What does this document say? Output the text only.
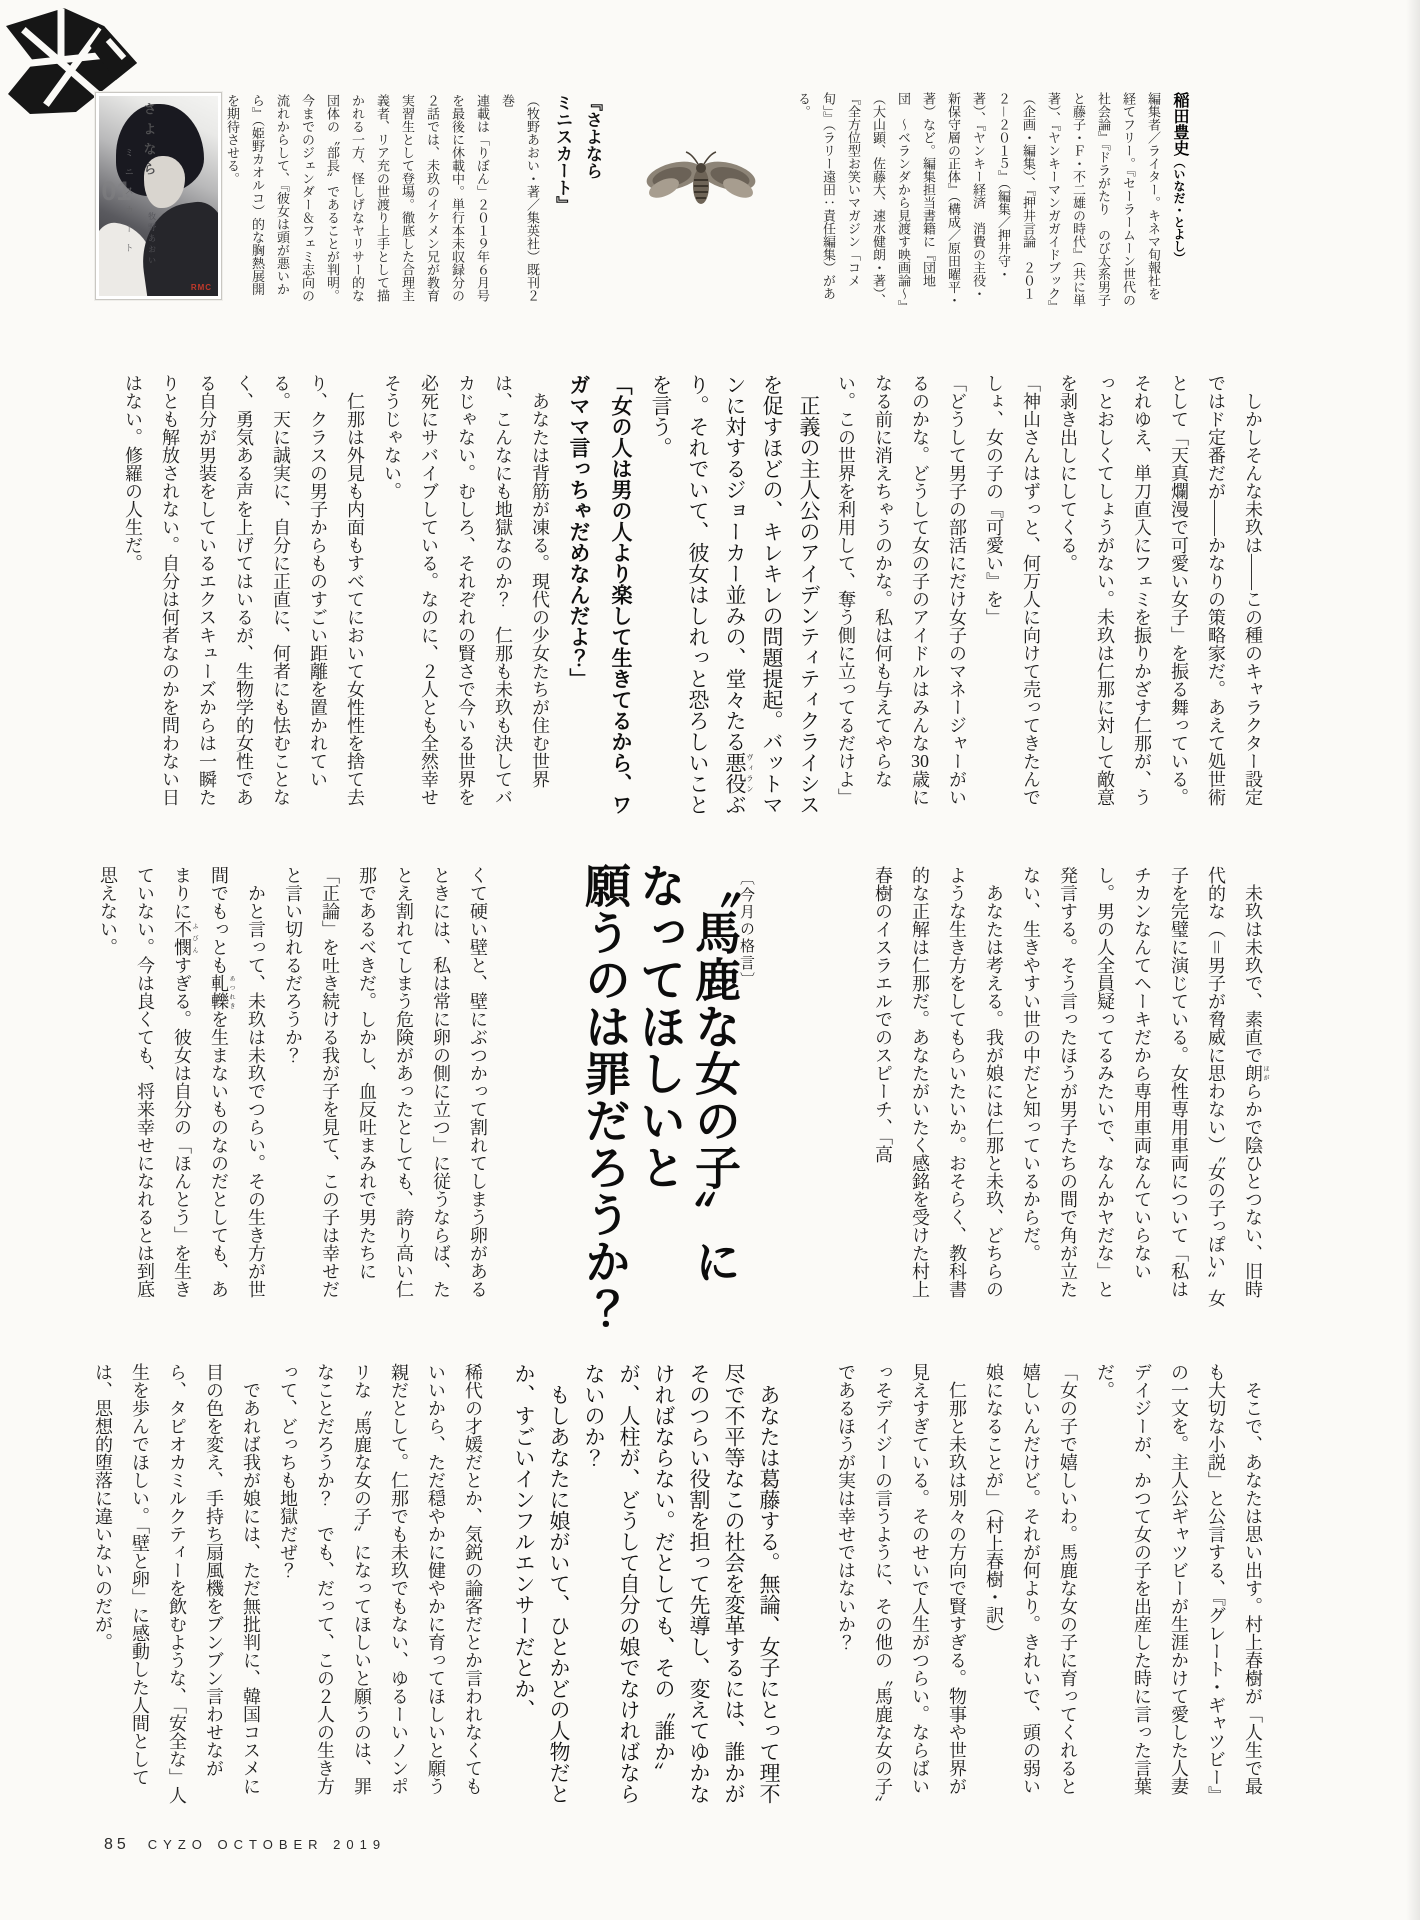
01
さよなら
ミニスカート 牧野あおい
RMC

『さよなら

ミニスカート』

（牧野あおい・著／集英社）既刊２巻

連載は「りぼん」２０１９年６月号を最後に休載中。単行本未収録分の２話では、未玖のイケメン兄が教育実習生として登場。徹底した合理主義者、リア充の世渡り上手として描かれる一方、怪しげなヤリサー的な団体の〝部長〞であることが判明。今までのジェンダー＆フェミ志向の流れからして、『彼女は頭が悪いから』（姫野カオルコ）的な胸熱展開を期待させる。	稲田豊史（いなだ・とよし）

編集者／ライター。キネマ旬報社を経てフリー。『セーラームーン世代の社会論』『ドラがたり　のび太系男子と藤子・Ｆ・不二雄の時代』（共に単著）、『ヤンキーマンガガイドブック』（企画・編集）、『押井言論　２０１２－２０１５』（編集／押井守・著）、『ヤンキー経済　消費の主役・新保守層の正体』（構成／原田曜平・著）など。編集担当書籍に『団地団　〜ベランダから見渡す映画論〜』（大山顕、佐藤大、速水健朗・著）、『全方位型お笑いマガジン「コメ旬」』（ラリー遠田：責任編集）がある。

しかしそんな未玖は――この種のキャラクター設定ではド定番だが――かなりの策略家だ。あえて処世術として「天真爛漫で可愛い女子」を振る舞っている。それゆえ、単刀直入にフェミを振りかざす仁那が、うっとおしくてしょうがない。未玖は仁那に対して敵意を剥き出しにしてくる。

「神山さんはずっと、何万人に向けて売ってきたんでしょ、女の子の『可愛い』を」

「どうして男子の部活にだけ女子のマネージャーがいるのかな。どうして女の子のアイドルはみんな30歳になる前に消えちゃうのかな。私は何も与えてやらない。この世界を利用して、奪う側に立ってるだけよ」

正義の主人公のアイデンティティクライシスを促すほどの、キレキレの問題提起。バットマンに対するジョーカー並みの、堂々たる悪役 ヴィランぶり。それでいて、彼女はしれっと恐ろしいことを言う。

「女の人は男の人より楽して生きてるから、ワガママ言っちゃだめなんだよ？」

あなたは背筋が凍る。現代の少女たちが住む世界は、こんなにも地獄なのか？　仁那も未玖も決してバカじゃない。むしろ、それぞれの賢さで今いる世界を必死にサバイブしている。なのに、２人とも全然幸せそうじゃない。

仁那は外見も内面もすべてにおいて女性性を捨て去り、クラスの男子からものすごい距離を置かれている。天に誠実に、自分に正直に、何者にも怯むことなく、勇気ある声を上げてはいるが、生物学的女性である自分が男装をしているエクスキューズからは一瞬たりとも解放されない。自分は何者なのかを問わない日はない。修羅の人生だ。

未玖は未玖で、素直で朗 ほがらかで陰ひとつない、旧時代的な（＝男子が脅威に思わない）〝女の子っぽい〞女子を完璧に演じている。女性専用車両について「私はチカンなんてヘーキだから専用車両なんていらないし。男の人全員疑ってるみたいで、なんかヤだな」と発言する。そう言ったほうが男子たちの間で角が立たない、生きやすい世の中だと知っているからだ。

あなたは考える。我が娘には仁那と未玖、どちらのような生き方をしてもらいたいか。おそらく、教科書的な正解は仁那だ。あなたがいたく感銘を受けた村上春樹のイスラエルでのスピーチ、「高

〔今月の格言〕

〝馬鹿な女の子〞に

なってほしいと

願うのは罪だろうか？

くて硬い壁と、壁にぶつかって割れてしまう卵があるときには、私は常に卵の側に立つ」に従うならば、たとえ割れてしまう危険があったとしても、誇り高い仁那であるべきだ。しかし、血反吐まみれで男たちに「正論」を吐き続ける我が子を見て、この子は幸せだと言い切れるだろうか？

かと言って、未玖は未玖でつらい。その生き方が世間でもっとも軋轢 あつれきを生まないものなのだとしても、あまりに不憫 ふびんすぎる。彼女は自分の「ほんとう」を生きていない。今は良くても、将来幸せになれるとは到底思えない。

そこで、あなたは思い出す。村上春樹が「人生で最も大切な小説」と公言する、『グレート・ギャツビー』の一文を。主人公ギャツビーが生涯かけて愛した人妻デイジーが、かつて女の子を出産した時に言った言葉だ。

「女の子で嬉しいわ。馬鹿な女の子に育ってくれると嬉しいんだけど。それが何より。きれいで、頭の弱い娘になることが」（村上春樹・訳）

仁那と未玖は別々の方向で賢すぎる。物事や世界が見えすぎている。そのせいで人生がつらい。ならばいっそデイジーの言うように、その他の〝馬鹿な女の子〞であるほうが実は幸せではないか？

あなたは葛藤する。無論、女子にとって理不尽で不平等なこの社会を変革するには、誰かがそのつらい役割を担って先導し、変えてゆかなければならない。だとしても、その〝誰か〞が、人柱が、どうして自分の娘でなければならないのか？

もしあなたに娘がいて、ひとかどの人物だとか、すごいインフルエンサーだとか、

稀代の才媛だとか、気鋭の論客だとか言われなくてもいいから、ただ穏やかに健やかに育ってほしいと願う親だとして。仁那でも未玖でもない、ゆるーいノンポリな〝馬鹿な女の子〞になってほしいと願うのは、罪なことだろうか？　でも、だって、この２人の生き方って、どっちも地獄だぜ？

であれば我が娘には、ただ無批判に、韓国コスメに目の色を変え、手持ち扇風機をブンブン言わせながら、タピオカミルクティーを飲むような、「安全な」人生を歩んでほしい。「壁と卵」に感動した人間としては、思想的堕落に違いないのだが。

85 CYZO OCTOBER 2019
